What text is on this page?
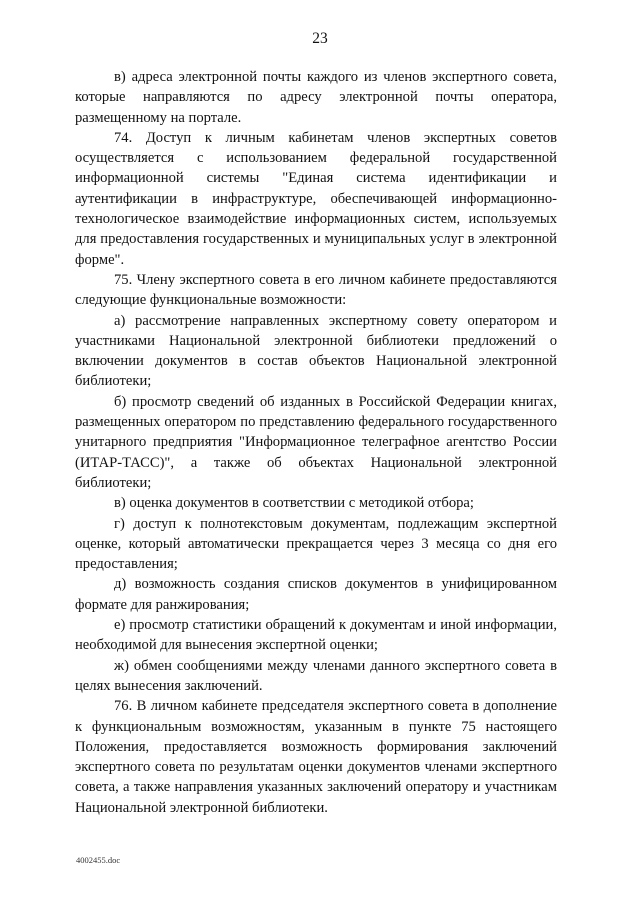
23

в) адреса электронной почты каждого из членов экспертного совета, которые направляются по адресу электронной почты оператора, размещенному на портале.

74. Доступ к личным кабинетам членов экспертных советов осуществляется с использованием федеральной государственной информационной системы "Единая система идентификации и аутентификации в инфраструктуре, обеспечивающей информационно-технологическое взаимодействие информационных систем, используемых для предоставления государственных и муниципальных услуг в электронной форме".

75. Члену экспертного совета в его личном кабинете предоставляются следующие функциональные возможности:

а) рассмотрение направленных экспертному совету оператором и участниками Национальной электронной библиотеки предложений о включении документов в состав объектов Национальной электронной библиотеки;

б) просмотр сведений об изданных в Российской Федерации книгах, размещенных оператором по представлению федерального государственного унитарного предприятия "Информационное телеграфное агентство России (ИТАР-ТАСС)", а также об объектах Национальной электронной библиотеки;

в) оценка документов в соответствии с методикой отбора;

г) доступ к полнотекстовым документам, подлежащим экспертной оценке, который автоматически прекращается через 3 месяца со дня его предоставления;

д) возможность создания списков документов в унифицированном формате для ранжирования;

е) просмотр статистики обращений к документам и иной информации, необходимой для вынесения экспертной оценки;

ж) обмен сообщениями между членами данного экспертного совета в целях вынесения заключений.

76. В личном кабинете председателя экспертного совета в дополнение к функциональным возможностям, указанным в пункте 75 настоящего Положения, предоставляется возможность формирования заключений экспертного совета по результатам оценки документов членами экспертного совета, а также направления указанных заключений оператору и участникам Национальной электронной библиотеки.

4002455.doc
